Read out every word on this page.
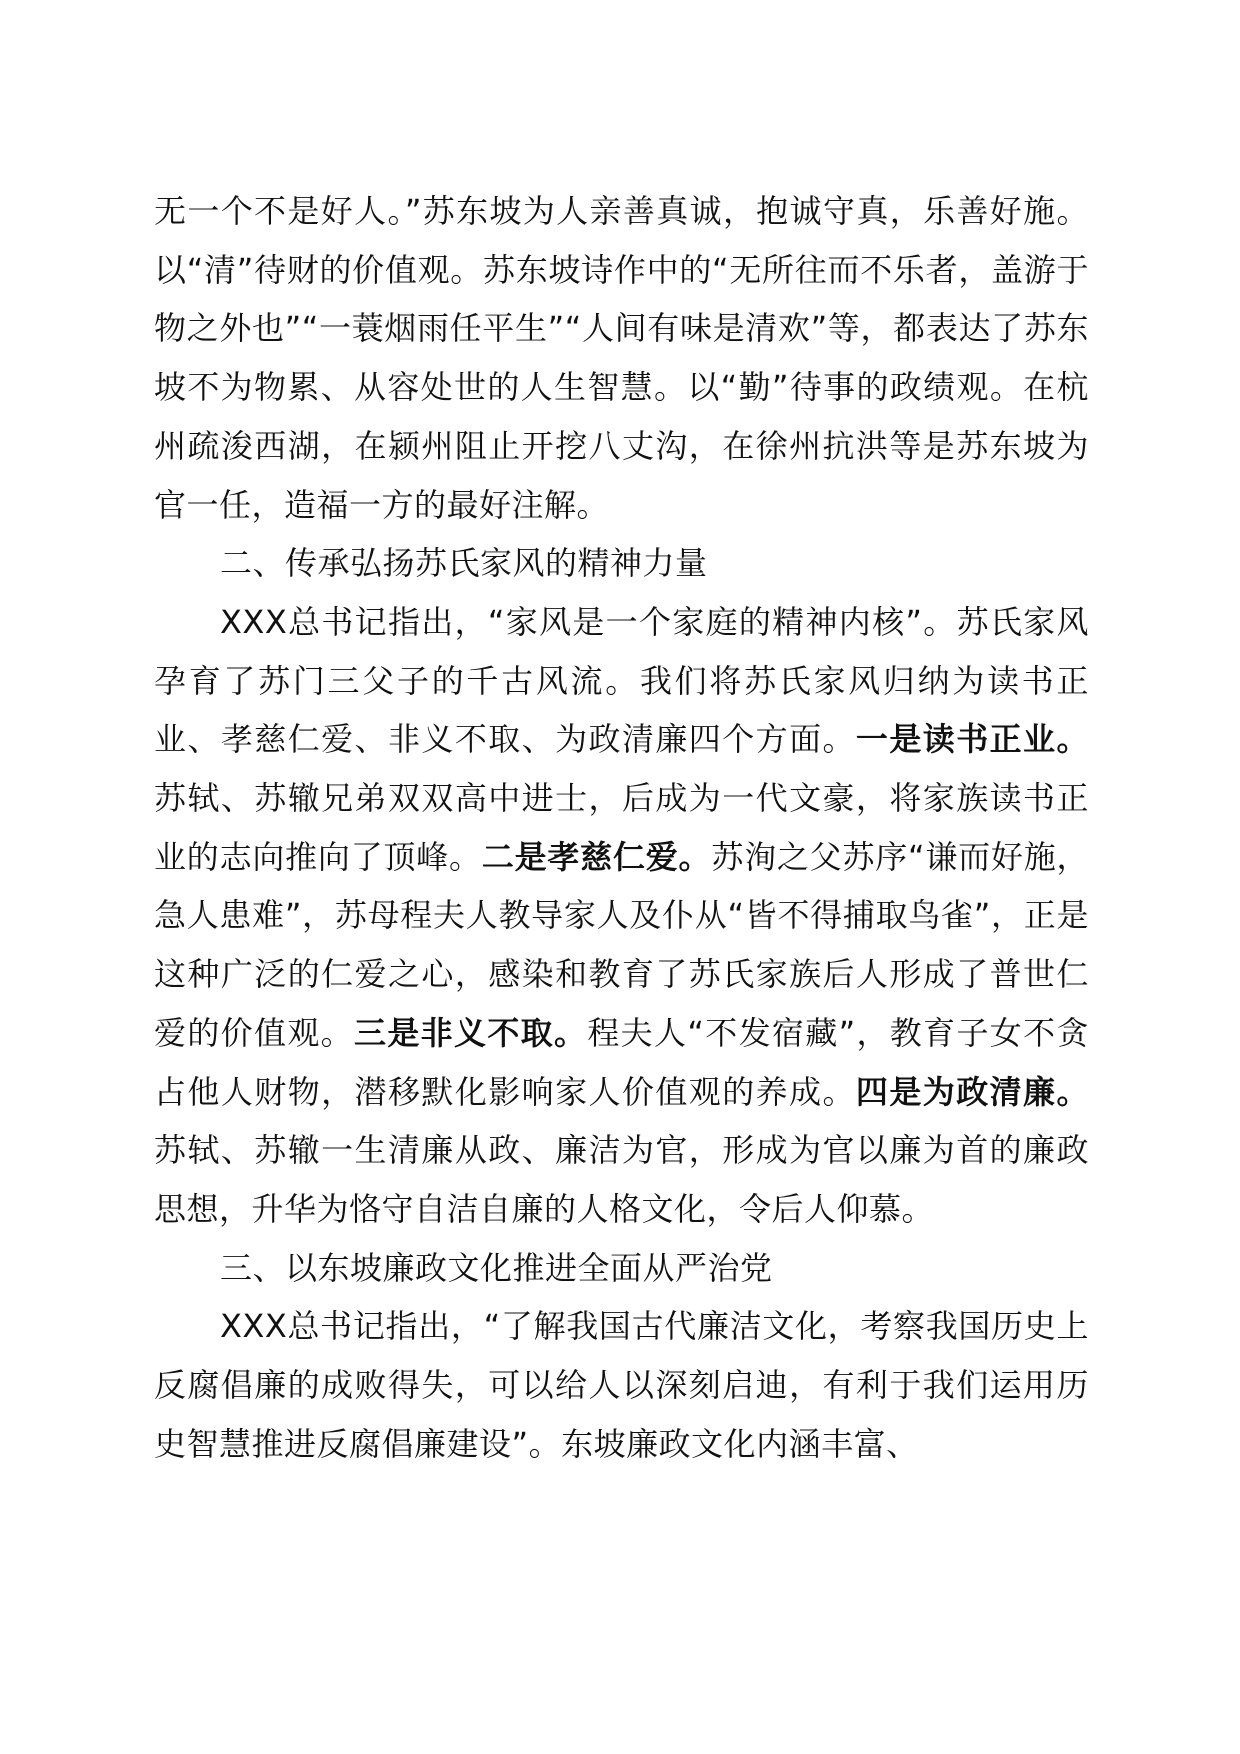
无一个不是好人。”苏东坡为人亲善真诚，抱诚守真，乐善好施。以“清”待财的价值观。苏东坡诗作中的“无所往而不乐者，盖游于物之外也”“一蓑烟雨任平生”“人间有味是清欢”等，都表达了苏东坡不为物累、从容处世的人生智慧。以“勤”待事的政绩观。在杭州疏浚西湖，在颍州阻止开挖八丈沟，在徐州抗洪等是苏东坡为官一任，造福一方的最好注解。

二、传承弘扬苏氏家风的精神力量

XXX总书记指出，“家风是一个家庭的精神内核”。苏氏家风孕育了苏门三父子的千古风流。我们将苏氏家风归纳为读书正业、孝慈仁爱、非义不取、为政清廉四个方面。一是读书正业。苏轼、苏辙兄弟双双高中进士，后成为一代文豪，将家族读书正业的志向推向了顶峰。二是孝慈仁爱。苏洵之父苏序“谦而好施，急人患难”，苏母程夫人教导家人及仆从“皆不得捕取鸟雀”，正是这种广泛的仁爱之心，感染和教育了苏氏家族后人形成了普世仁爱的价值观。三是非义不取。程夫人“不发宿藏”，教育子女不贪占他人财物，潜移默化影响家人价值观的养成。四是为政清廉。苏轼、苏辙一生清廉从政、廉洁为官，形成为官以廉为首的廉政思想，升华为恪守自洁自廉的人格文化，令后人仰慕。

三、以东坡廉政文化推进全面从严治党

XXX总书记指出，“了解我国古代廉洁文化，考察我国历史上反腐倡廉的成败得失，可以给人以深刻启迪，有利于我们运用历史智慧推进反腐倡廉建设”。东坡廉政文化内涵丰富、
